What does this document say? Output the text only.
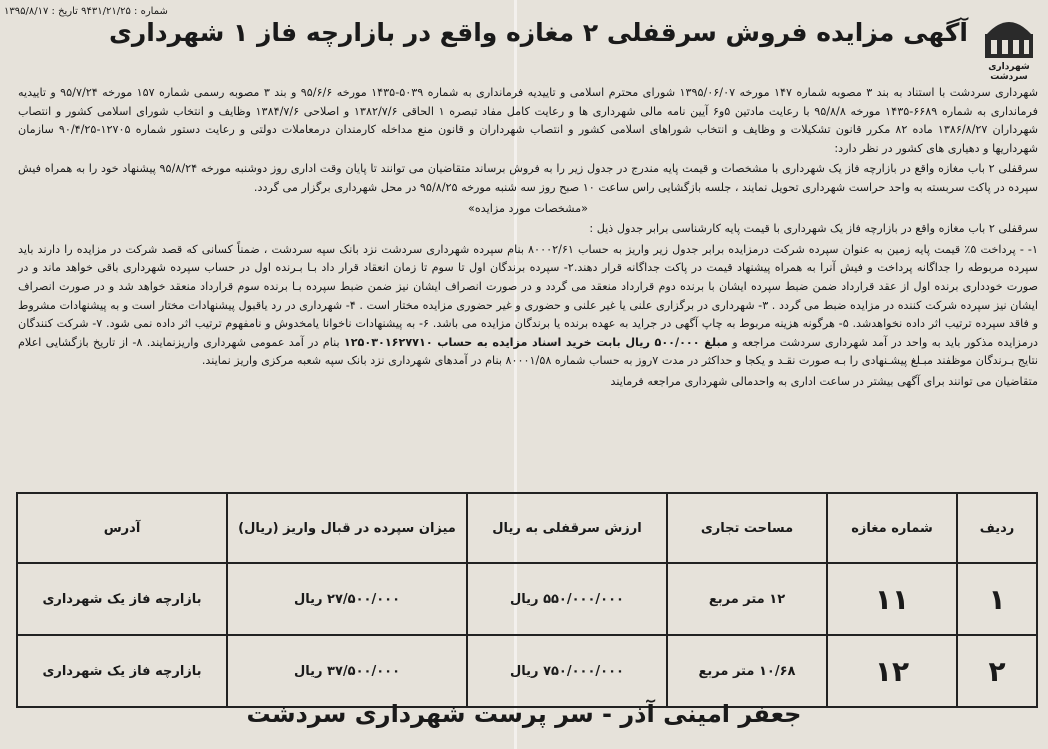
شماره : ۹۴۳۱/۲۱/۲۵ تاریخ : ۱۳۹۵/۸/۱۷
شهرداری سردشت
آگهی مزایده فروش سرقفلی ۲ مغازه واقع در بازارچه فاز ۱ شهرداری

شهرداری سردشت با استناد به بند ۳ مصوبه شماره ۱۴۷ مورخه ۱۳۹۵/۰۶/۰۷ شورای محترم اسلامی و تاییدیه فرمانداری به شماره ۵۰۳۹-۱۴۳۵ مورخه ۹۵/۶/۶ و بند ۳ مصوبه رسمی شماره ۱۵۷ مورخه ۹۵/۷/۲۴ و تاییدیه فرمانداری به شماره ۶۶۸۹-۱۴۳۵ مورخه ۹۵/۸/۸ با رعایت مادتین ۵و۶ آیین نامه مالی شهرداری ها و رعایت کامل مفاد تبصره ۱ الحاقی ۱۳۸۲/۷/۶ و اصلاحی ۱۳۸۴/۷/۶ وظایف و انتخاب شورای اسلامی کشور و انتصاب شهرداران ۱۳۸۶/۸/۲۷ ماده ۸۲ مکرر قانون تشکیلات و وظایف و انتخاب شوراهای اسلامی کشور و انتصاب شهرداران و قانون منع مداخله کارمندان درمعاملات دولتی و رعایت دستور شماره ۱۲۷۰۵-۹۰/۴/۲۵ سازمان شهرداریها و دهیاری های کشور در نظر دارد:

سرقفلی ۲ باب مغازه واقع در بازارچه فاز یک شهرداری با مشخصات و قیمت پایه مندرج در جدول زیر را به فروش برساند متقاضیان می توانند تا پایان وقت اداری روز دوشنبه مورخه ۹۵/۸/۲۴ پیشنهاد خود را به همراه فیش سپرده در پاکت سربسته به واحد حراست شهرداری تحویل نمایند ، جلسه بازگشایی راس ساعت ۱۰ صبح روز سه شنبه مورخه ۹۵/۸/۲۵ در محل شهرداری برگزار می گردد.

«مشخصات مورد مزایده»

سرقفلی ۲ باب مغازه واقع در بازارچه فاز یک شهرداری با قیمت پایه کارشناسی برابر جدول ذیل :

۱- - پرداخت ۵٪ قیمت پایه زمین به عنوان سپرده شرکت درمزایده برابر جدول زیر واریز به حساب ۸۰۰۰۲/۶۱ بنام سپرده شهرداری سردشت نزد بانک سپه سردشت ، ضمناً کسانی که قصد شرکت در مزایده را دارند باید سپرده مربوطه را جداگانه پرداخت و فیش آنرا به همراه پیشنهاد قیمت در پاکت جداگانه قرار دهند.۲- سپرده برندگان اول تا سوم تا زمان انعقاد قرار داد بـا بـرنده اول در حساب سپرده شهرداری باقی خواهد ماند و در صورت خودداری برنده اول از عقد قرارداد ضمن ضبط سپرده ایشان با برنده دوم قرارداد منعقد می گردد و در صورت انصراف ایشان نیز ضمن ضبط سپرده بـا برنده سوم قرارداد منعقد خواهد شد و در صورت انصراف ایشان نیز سپرده شرکت کننده در مزایده ضبط می گردد . ۳- شهرداری در برگزاری علنی یا غیر علنی و حضوری و غیر حضوری مزایده مختار است . ۴- شهرداری در رد یاقبول پیشنهادات مختار است و به پیشنهادات مشروط و فاقد سپرده ترتیب اثر داده نخواهدشد. ۵- هرگونه هزینه مربوط به چاپ آگهی در جراید به عهده برنده یا برندگان مزایده می باشد. ۶- به پیشنهادات ناخوانا یامخدوش و نامفهوم ترتیب اثر داده نمی شود. ۷- شرکت کنندگان درمزایده مذکور باید به واحد در آمد شهرداری سردشت مراجعه و مبلغ ۵۰۰/۰۰۰ ریال بابت خرید اسناد مزایده به حساب ۱۲۵۰۳۰۱۶۲۷۷۱۰ بنام در آمد عمومی شهرداری واریزنمایند. ۸- از تاریخ بازگشایی اعلام نتایج بـرندگان موظفند مبـلغ پیشـنهادی را بـه صورت نقـد و یکجا و حداکثر در مدت ۷روز به حساب شماره ۸۰۰۰۱/۵۸ بنام در آمدهای شهرداری نزد بانک سپه شعبه مرکزی واریز نمایند.

متقاضیان می توانند برای آگهی بیشتر در ساعت اداری به واحدمالی شهرداری مراجعه فرمایند

ردیف	شماره مغازه	مساحت تجاری	ارزش سرقفلی به ریال	میزان سپرده در قبال واریز (ریال)	آدرس
۱	۱۱	۱۲ متر مربع	۵۵۰/۰۰۰/۰۰۰ ریال	۲۷/۵۰۰/۰۰۰ ریال	بازارچه فاز یک شهرداری
۲	۱۲	۱۰/۶۸ متر مربع	۷۵۰/۰۰۰/۰۰۰ ریال	۳۷/۵۰۰/۰۰۰ ریال	بازارچه فاز یک شهرداری
جعفر امینی آذر - سر پرست شهرداری سردشت
